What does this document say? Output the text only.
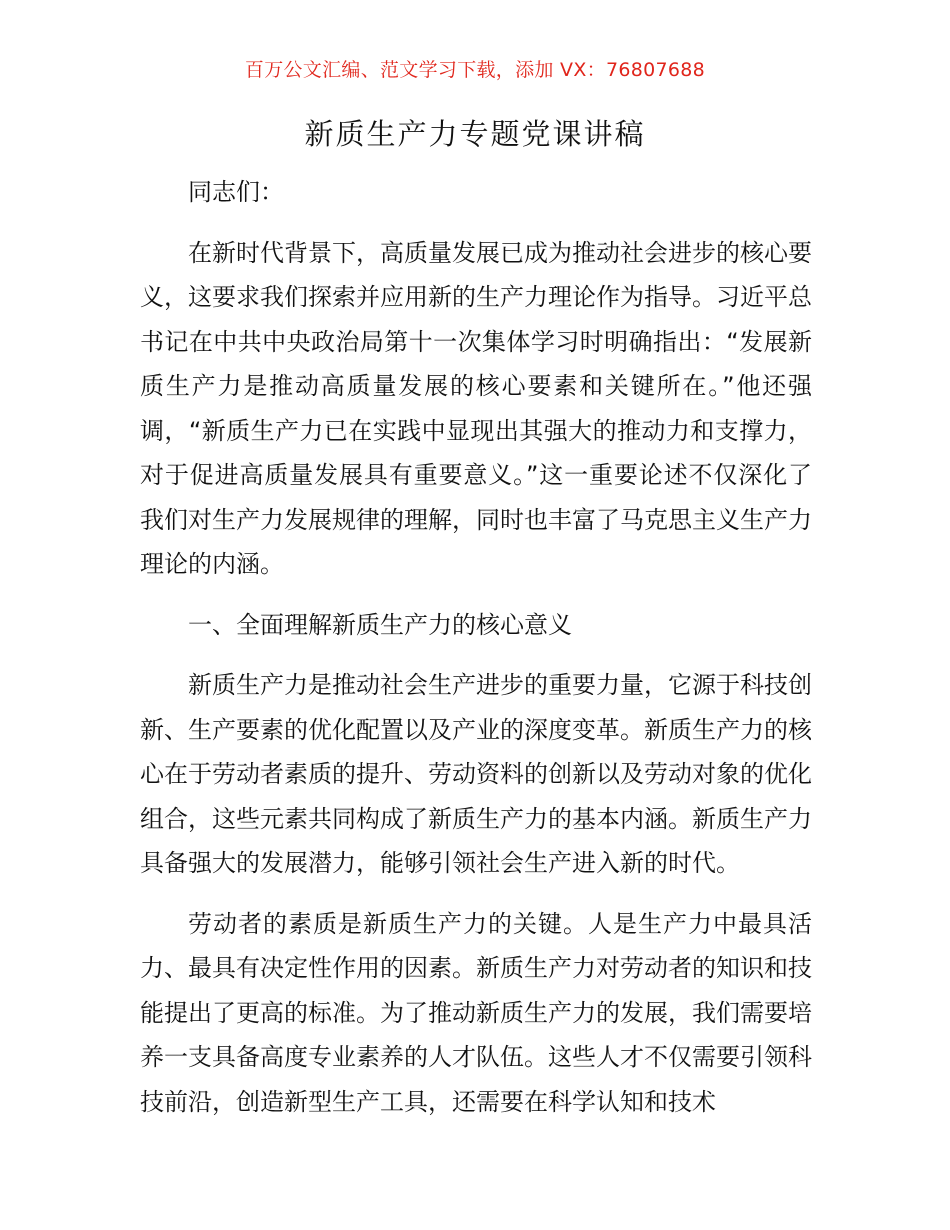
百万公文汇编、范文学习下载，添加 VX：76807688
新质生产力专题党课讲稿

同志们：

在新时代背景下，高质量发展已成为推动社会进步的核心要义，这要求我们探索并应用新的生产力理论作为指导。习近平总书记在中共中央政治局第十一次集体学习时明确指出：“发展新质生产力是推动高质量发展的核心要素和关键所在。”他还强调，“新质生产力已在实践中显现出其强大的推动力和支撑力，对于促进高质量发展具有重要意义。”这一重要论述不仅深化了我们对生产力发展规律的理解，同时也丰富了马克思主义生产力理论的内涵。

一、全面理解新质生产力的核心意义

新质生产力是推动社会生产进步的重要力量，它源于科技创新、生产要素的优化配置以及产业的深度变革。新质生产力的核心在于劳动者素质的提升、劳动资料的创新以及劳动对象的优化组合，这些元素共同构成了新质生产力的基本内涵。新质生产力具备强大的发展潜力，能够引领社会生产进入新的时代。

劳动者的素质是新质生产力的关键。人是生产力中最具活力、最具有决定性作用的因素。新质生产力对劳动者的知识和技能提出了更高的标准。为了推动新质生产力的发展，我们需要培养一支具备高度专业素养的人才队伍。这些人才不仅需要引领科技前沿，创造新型生产工具，还需要在科学认知和技术
